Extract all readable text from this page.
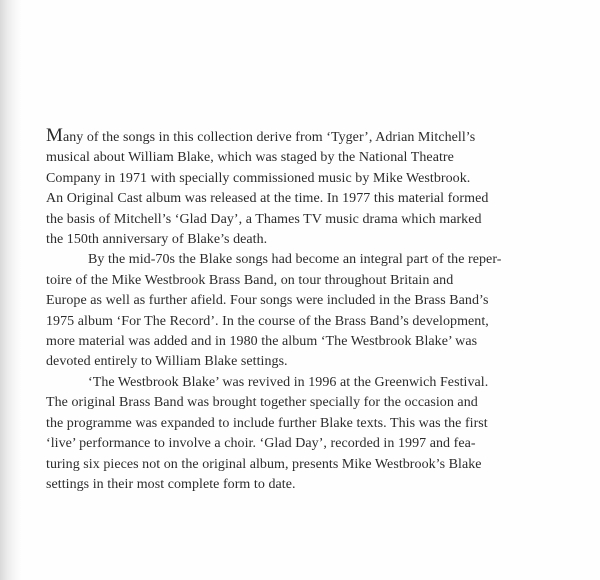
Many of the songs in this collection derive from ‘Tyger’, Adrian Mitchell’s
musical about William Blake, which was staged by the National Theatre
Company in 1971 with specially commissioned music by Mike Westbrook.
An Original Cast album was released at the time. In 1977 this material formed
the basis of Mitchell’s ‘Glad Day’, a Thames TV music drama which marked
the 150th anniversary of Blake’s death.

By the mid-70s the Blake songs had become an integral part of the reper-
toire of the Mike Westbrook Brass Band, on tour throughout Britain and
Europe as well as further afield. Four songs were included in the Brass Band’s
1975 album ‘For The Record’. In the course of the Brass Band’s development,
more material was added and in 1980 the album ‘The Westbrook Blake’ was
devoted entirely to William Blake settings.

‘The Westbrook Blake’ was revived in 1996 at the Greenwich Festival.
The original Brass Band was brought together specially for the occasion and
the programme was expanded to include further Blake texts. This was the first
‘live’ performance to involve a choir. ‘Glad Day’, recorded in 1997 and fea-
turing six pieces not on the original album, presents Mike Westbrook’s Blake
settings in their most complete form to date.
